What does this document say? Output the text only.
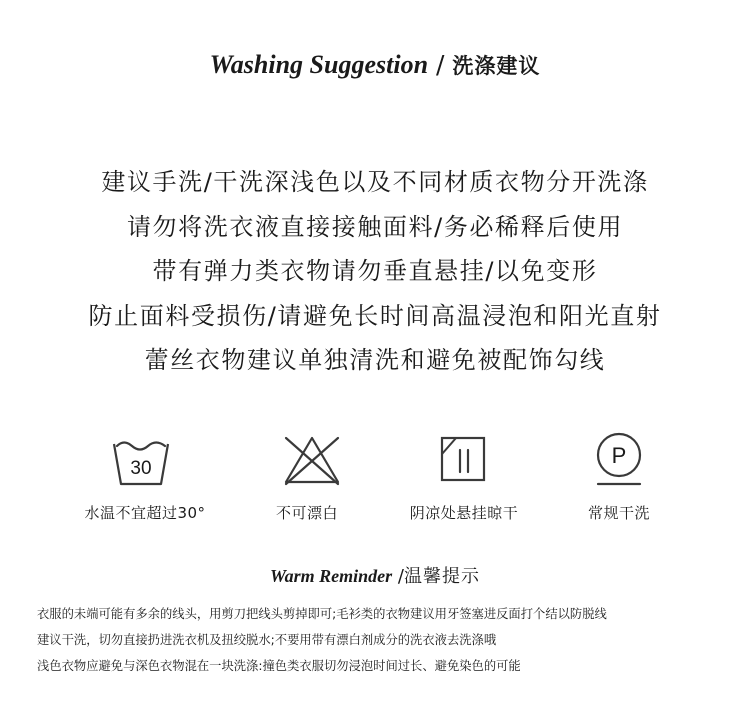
Washing Suggestion / 洗涤建议
建议手洗/干洗深浅色以及不同材质衣物分开洗涤
请勿将洗衣液直接接触面料/务必稀释后使用
带有弹力类衣物请勿垂直悬挂/以免变形
防止面料受损伤/请避免长时间高温浸泡和阳光直射
蕾丝衣物建议单独清洗和避免被配饰勾线
30
水温不宜超过30°	不可漂白	阴凉处悬挂晾干
P
常规干洗
Warm Reminder /温馨提示
衣服的未端可能有多余的线头，用剪刀把线头剪掉即可;毛衫类的衣物建议用牙签塞进反面打个结以防脱线
建议干洗，切勿直接扔进洗衣机及扭绞脱水;不要用带有漂白剂成分的洗衣液去洗涤哦
浅色衣物应避免与深色衣物混在一块洗涤:撞色类衣服切勿浸泡时间过长、避免染色的可能
